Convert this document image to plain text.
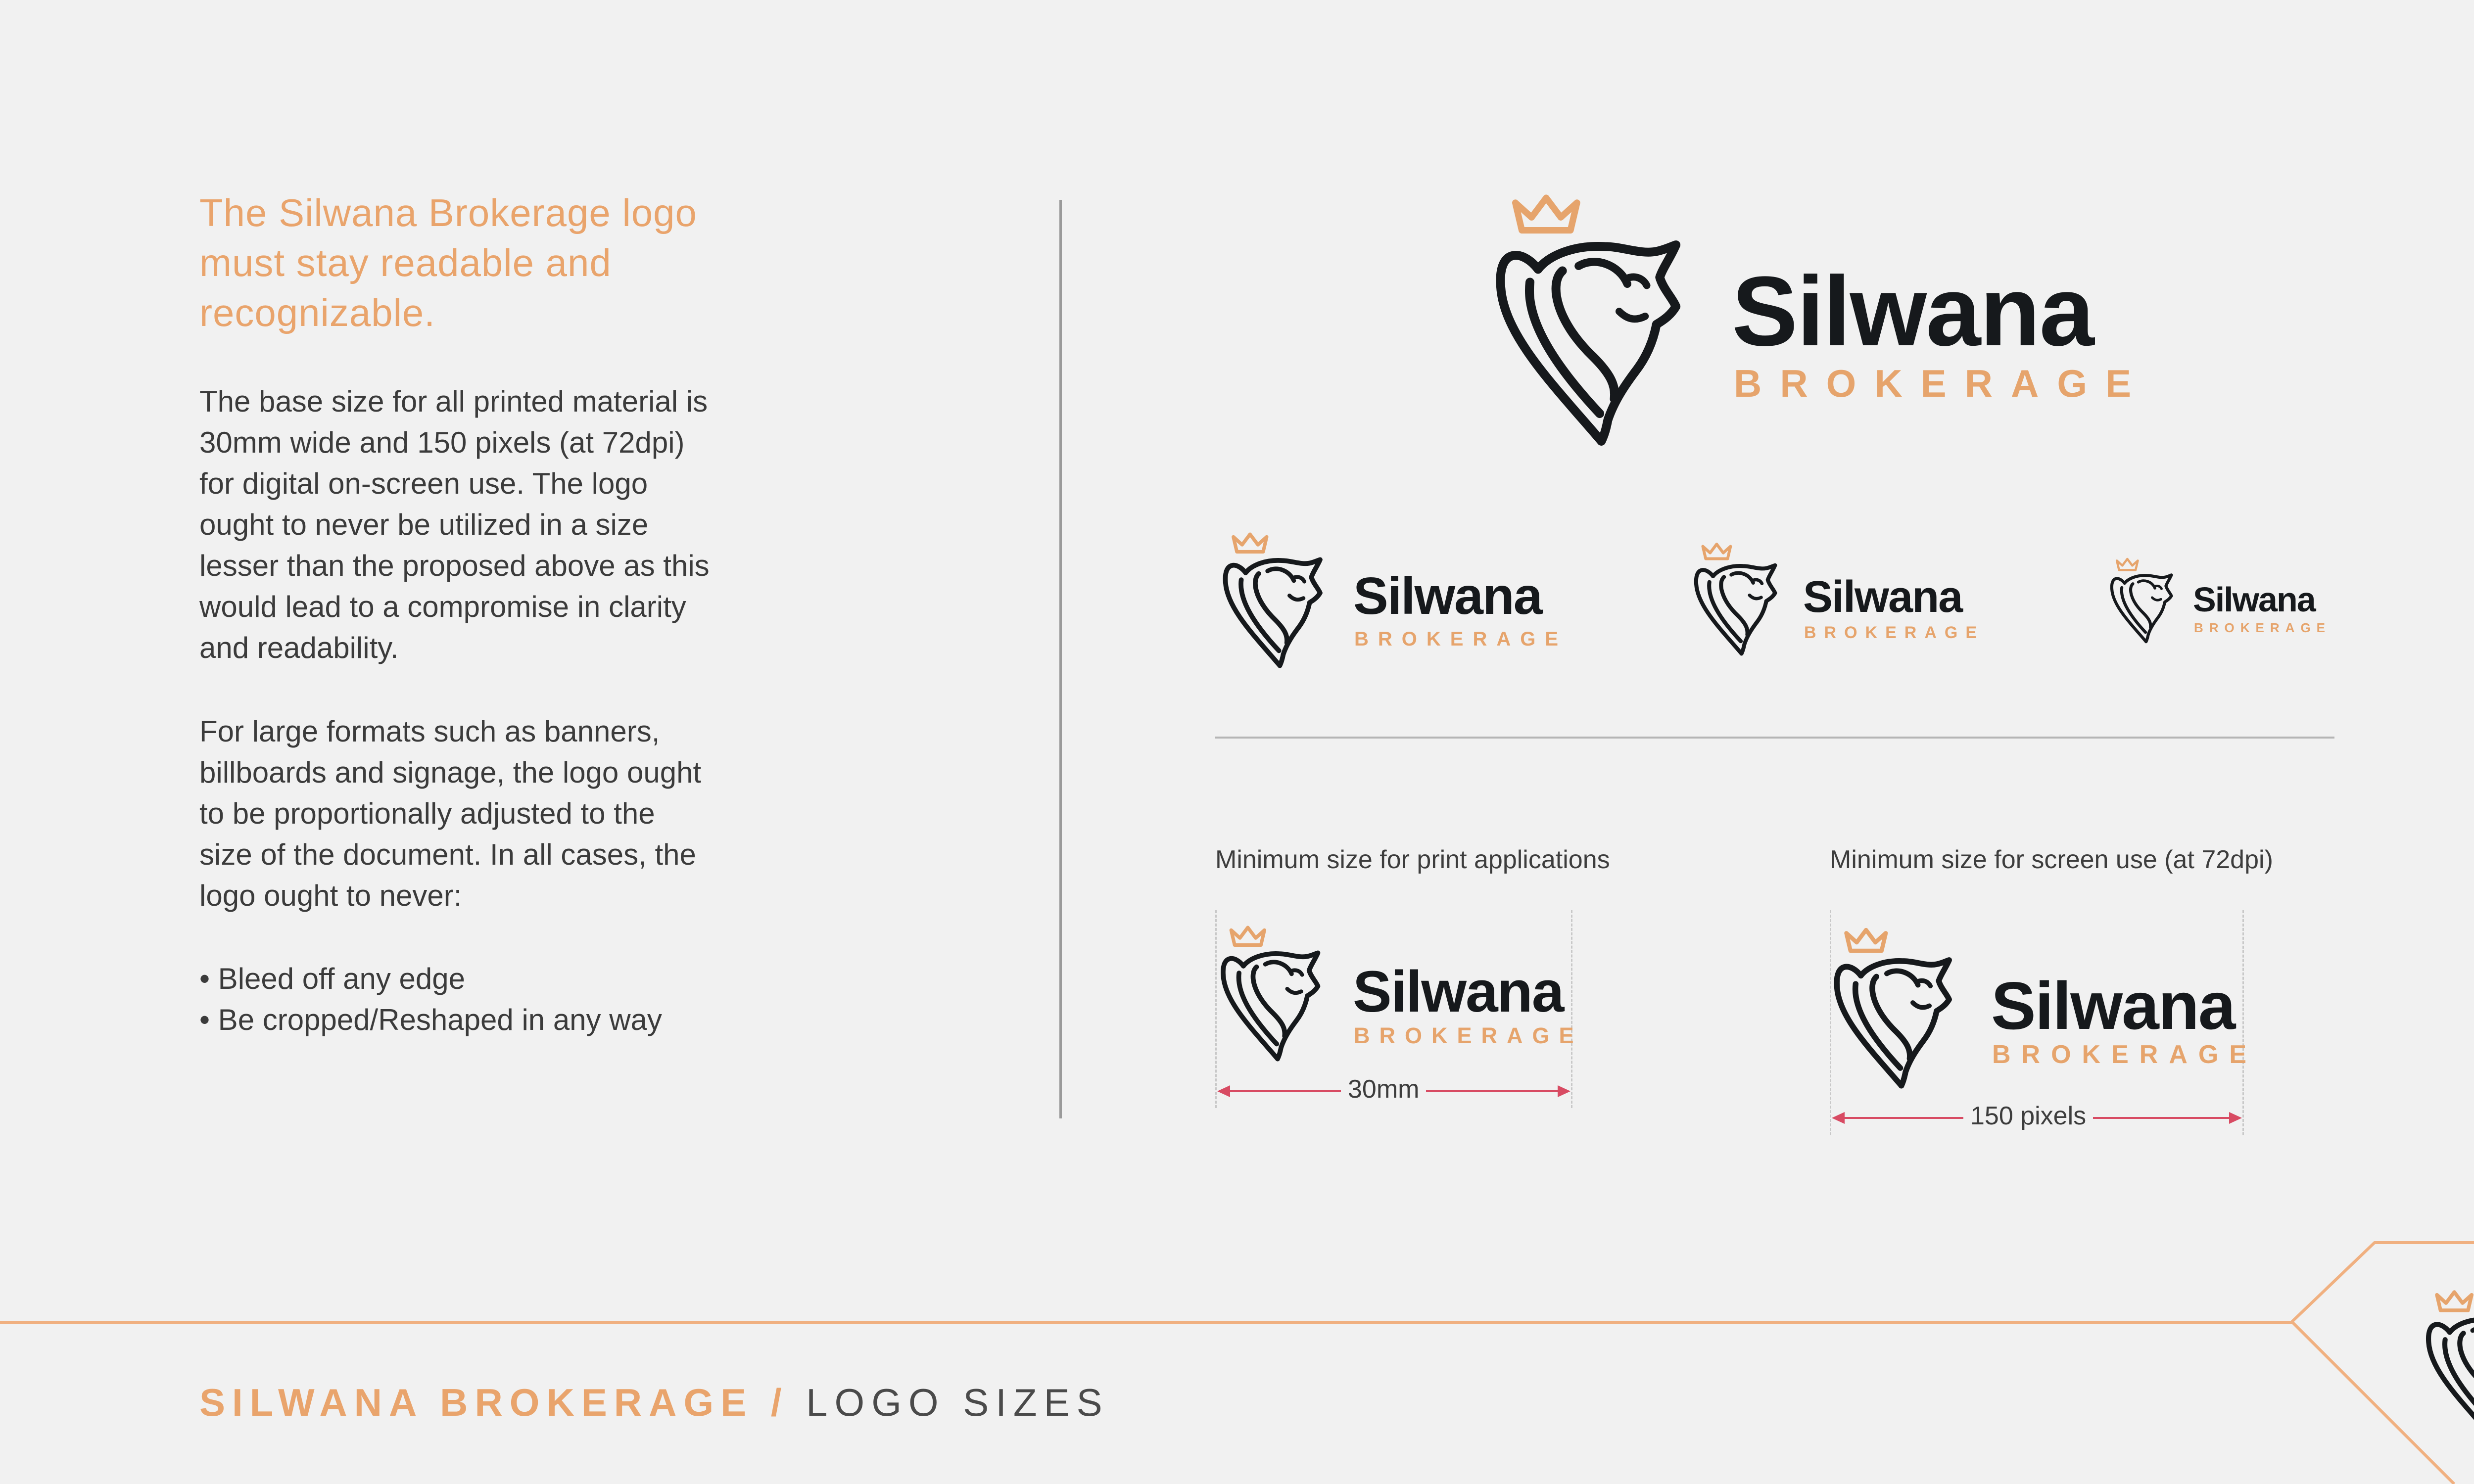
The Silwana Brokerage logo
must stay readable and
recognizable.
The base size for all printed material is
30mm wide and 150 pixels (at 72dpi)
for digital on-screen use. The logo
ought to never be utilized in a size
lesser than the proposed above as this
would lead to a compromise in clarity
and readability.
For large formats such as banners,
billboards and signage, the logo ought
to be proportionally adjusted to the
size of the document. In all cases, the
logo ought to never:
• Bleed off any edge
• Be cropped/Reshaped in any way
Silwana
BROKERAGE
Silwana
BROKERAGE
Silwana
BROKERAGE
Silwana
BROKERAGE
Minimum size for print applications	Minimum size for screen use (at 72dpi)
Silwana
BROKERAGE
30mm
Silwana
BROKERAGE
150 pixels
SILWANA BROKERAGE / LOGO SIZES
